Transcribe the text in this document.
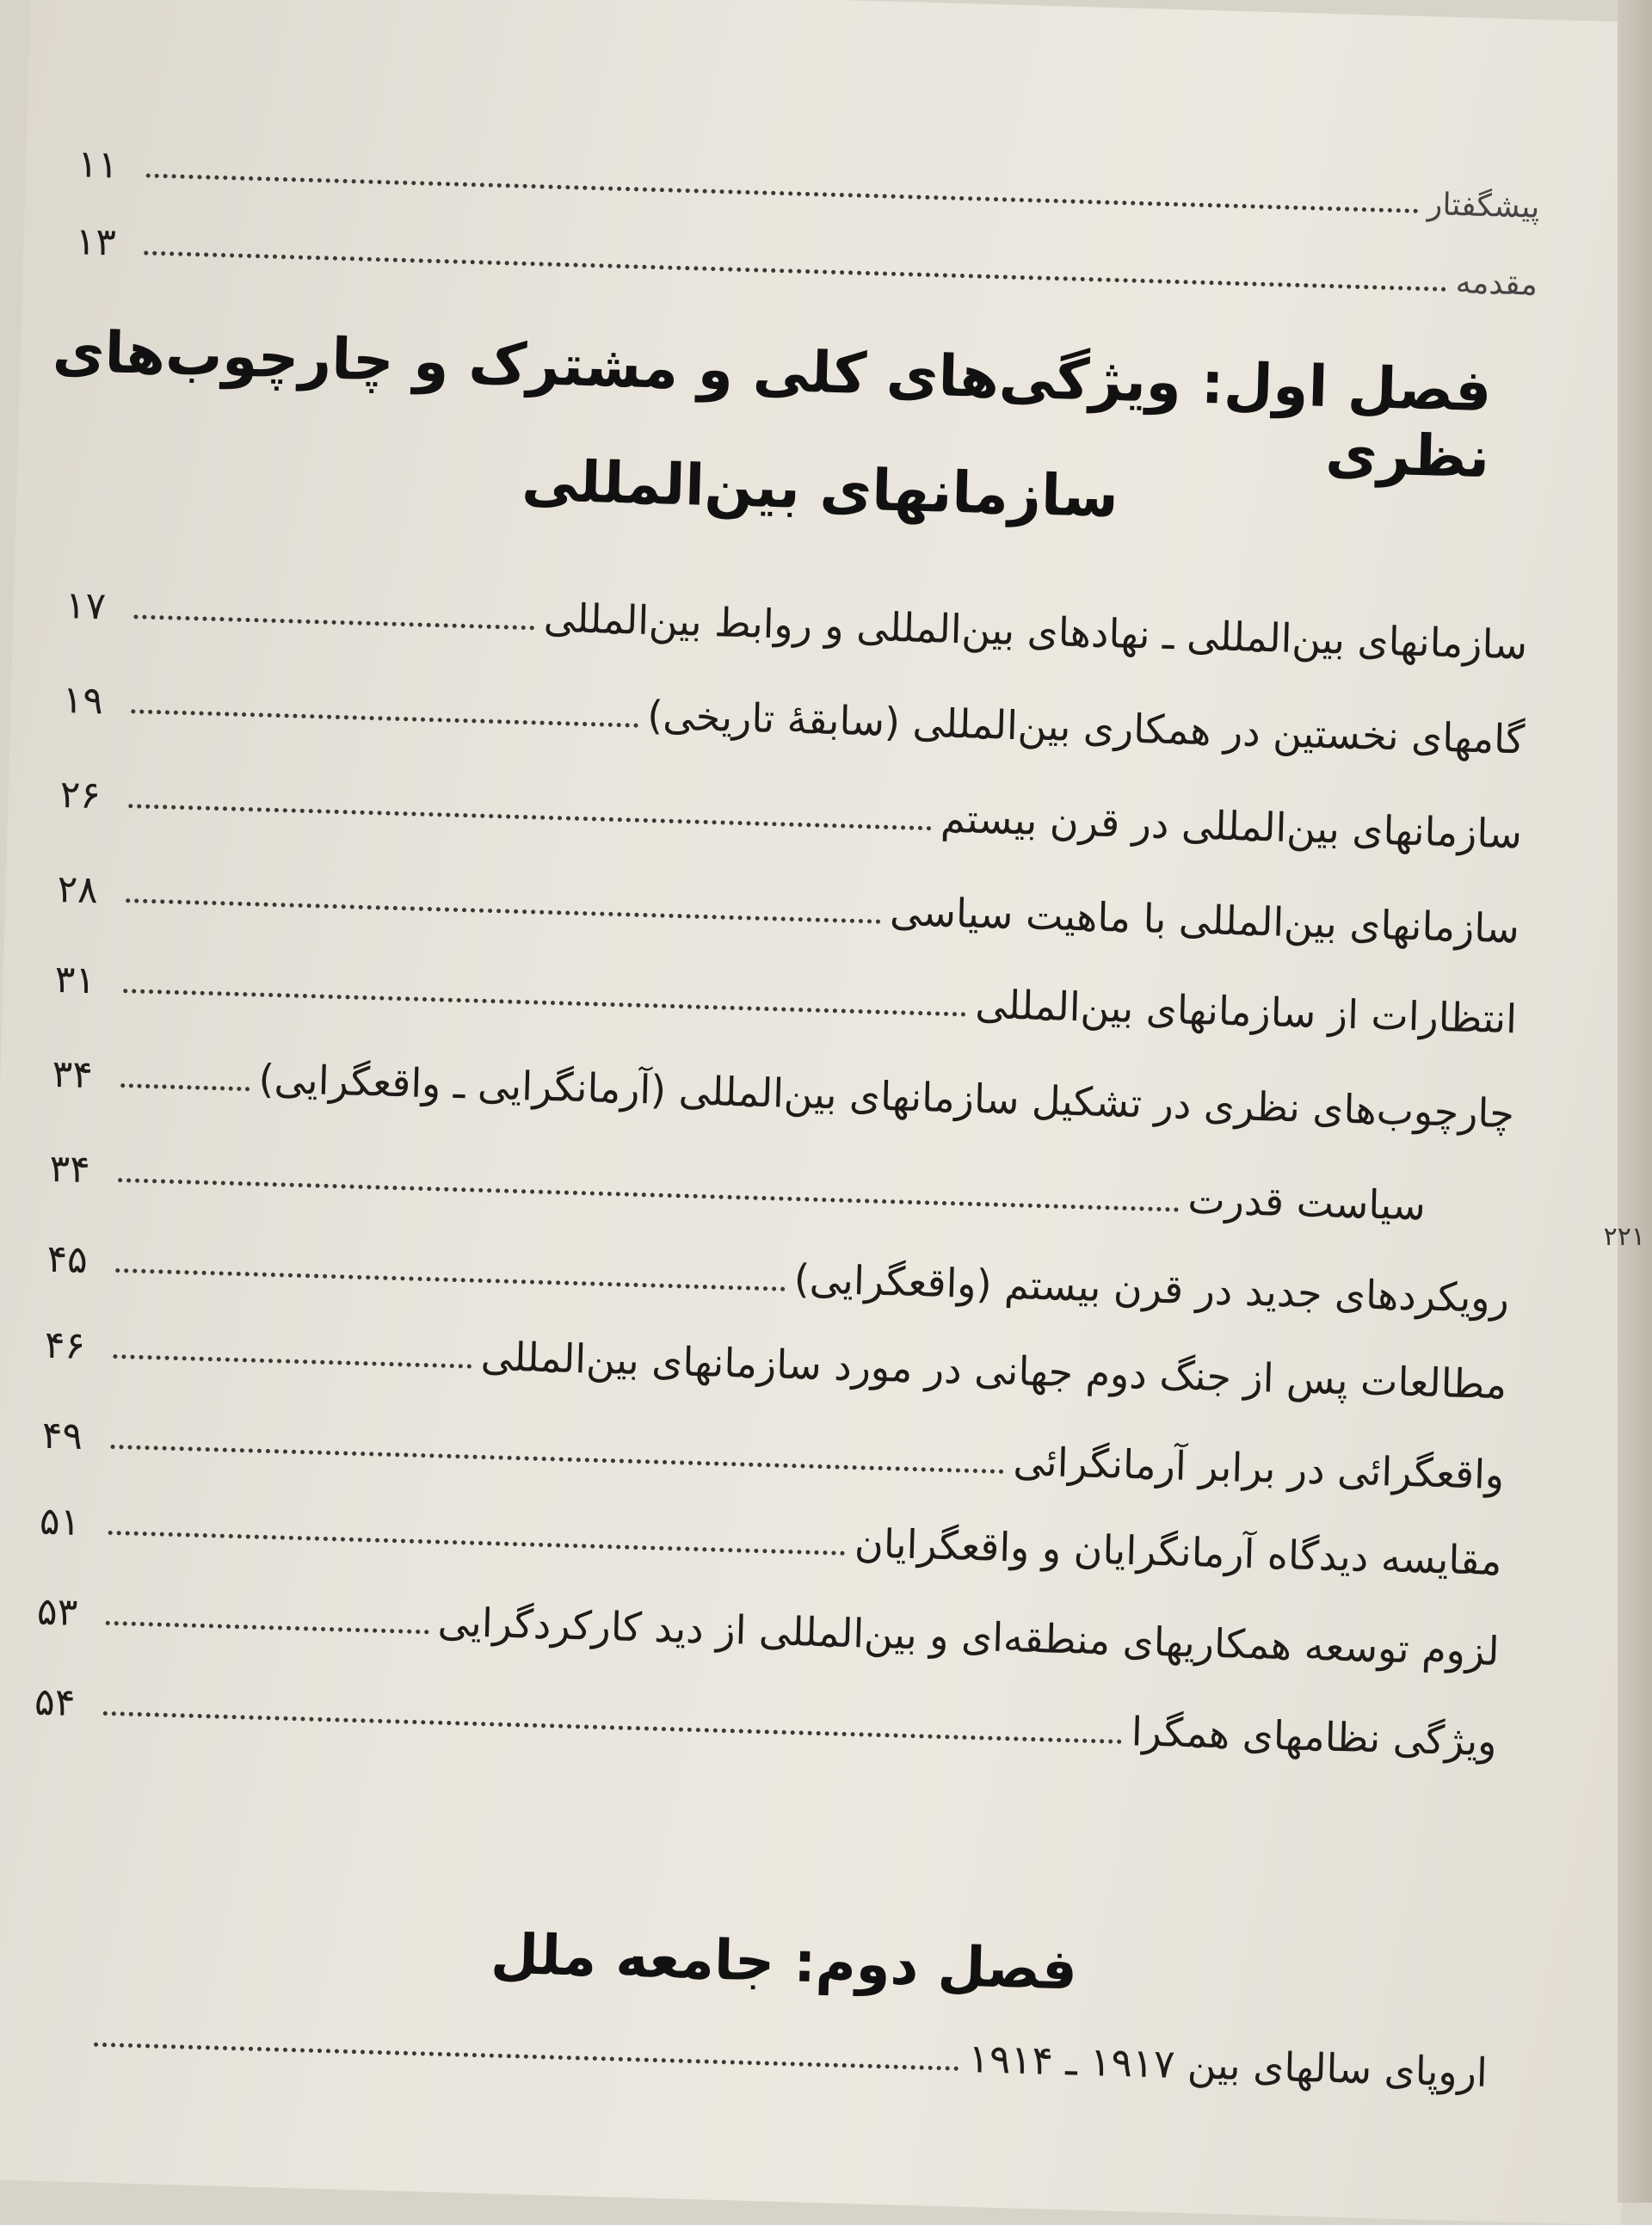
پیشگفتار
۱۱
مقدمه
۱۳
فصل اول: ویژگی‌های کلی و مشترک و چارچوب‌های نظری
سازمانهای بین‌المللی
سازمانهای بین‌المللی ـ نهادهای بین‌المللی و روابط بین‌المللی
۱۷
گامهای نخستین در همکاری بین‌المللی (سابقهٔ تاریخی)
۱۹
سازمانهای بین‌المللی در قرن بیستم
۲۶
سازمانهای بین‌المللی با ماهیت سیاسی
۲۸
انتظارات از سازمانهای بین‌المللی
۳۱
چارچوب‌های نظری در تشکیل سازمانهای بین‌المللی (آرمانگرایی ـ واقعگرایی)
۳۴
سیاست قدرت
۳۴
رویکردهای جدید در قرن بیستم (واقعگرایی)
۴۵
مطالعات پس از جنگ دوم جهانی در مورد سازمانهای بین‌المللی
۴۶
واقعگرائی در برابر آرمانگرائی
۴۹
مقایسه دیدگاه آرمانگرایان و واقعگرایان
۵۱
لزوم توسعه همکاریهای منطقه‌ای و بین‌المللی از دید کارکردگرایی
۵۳
ویژگی نظامهای همگرا
۵۴
فصل دوم: جامعه ملل
اروپای سالهای بین ۱۹۱۷ ـ ۱۹۱۴
۲۲۱
